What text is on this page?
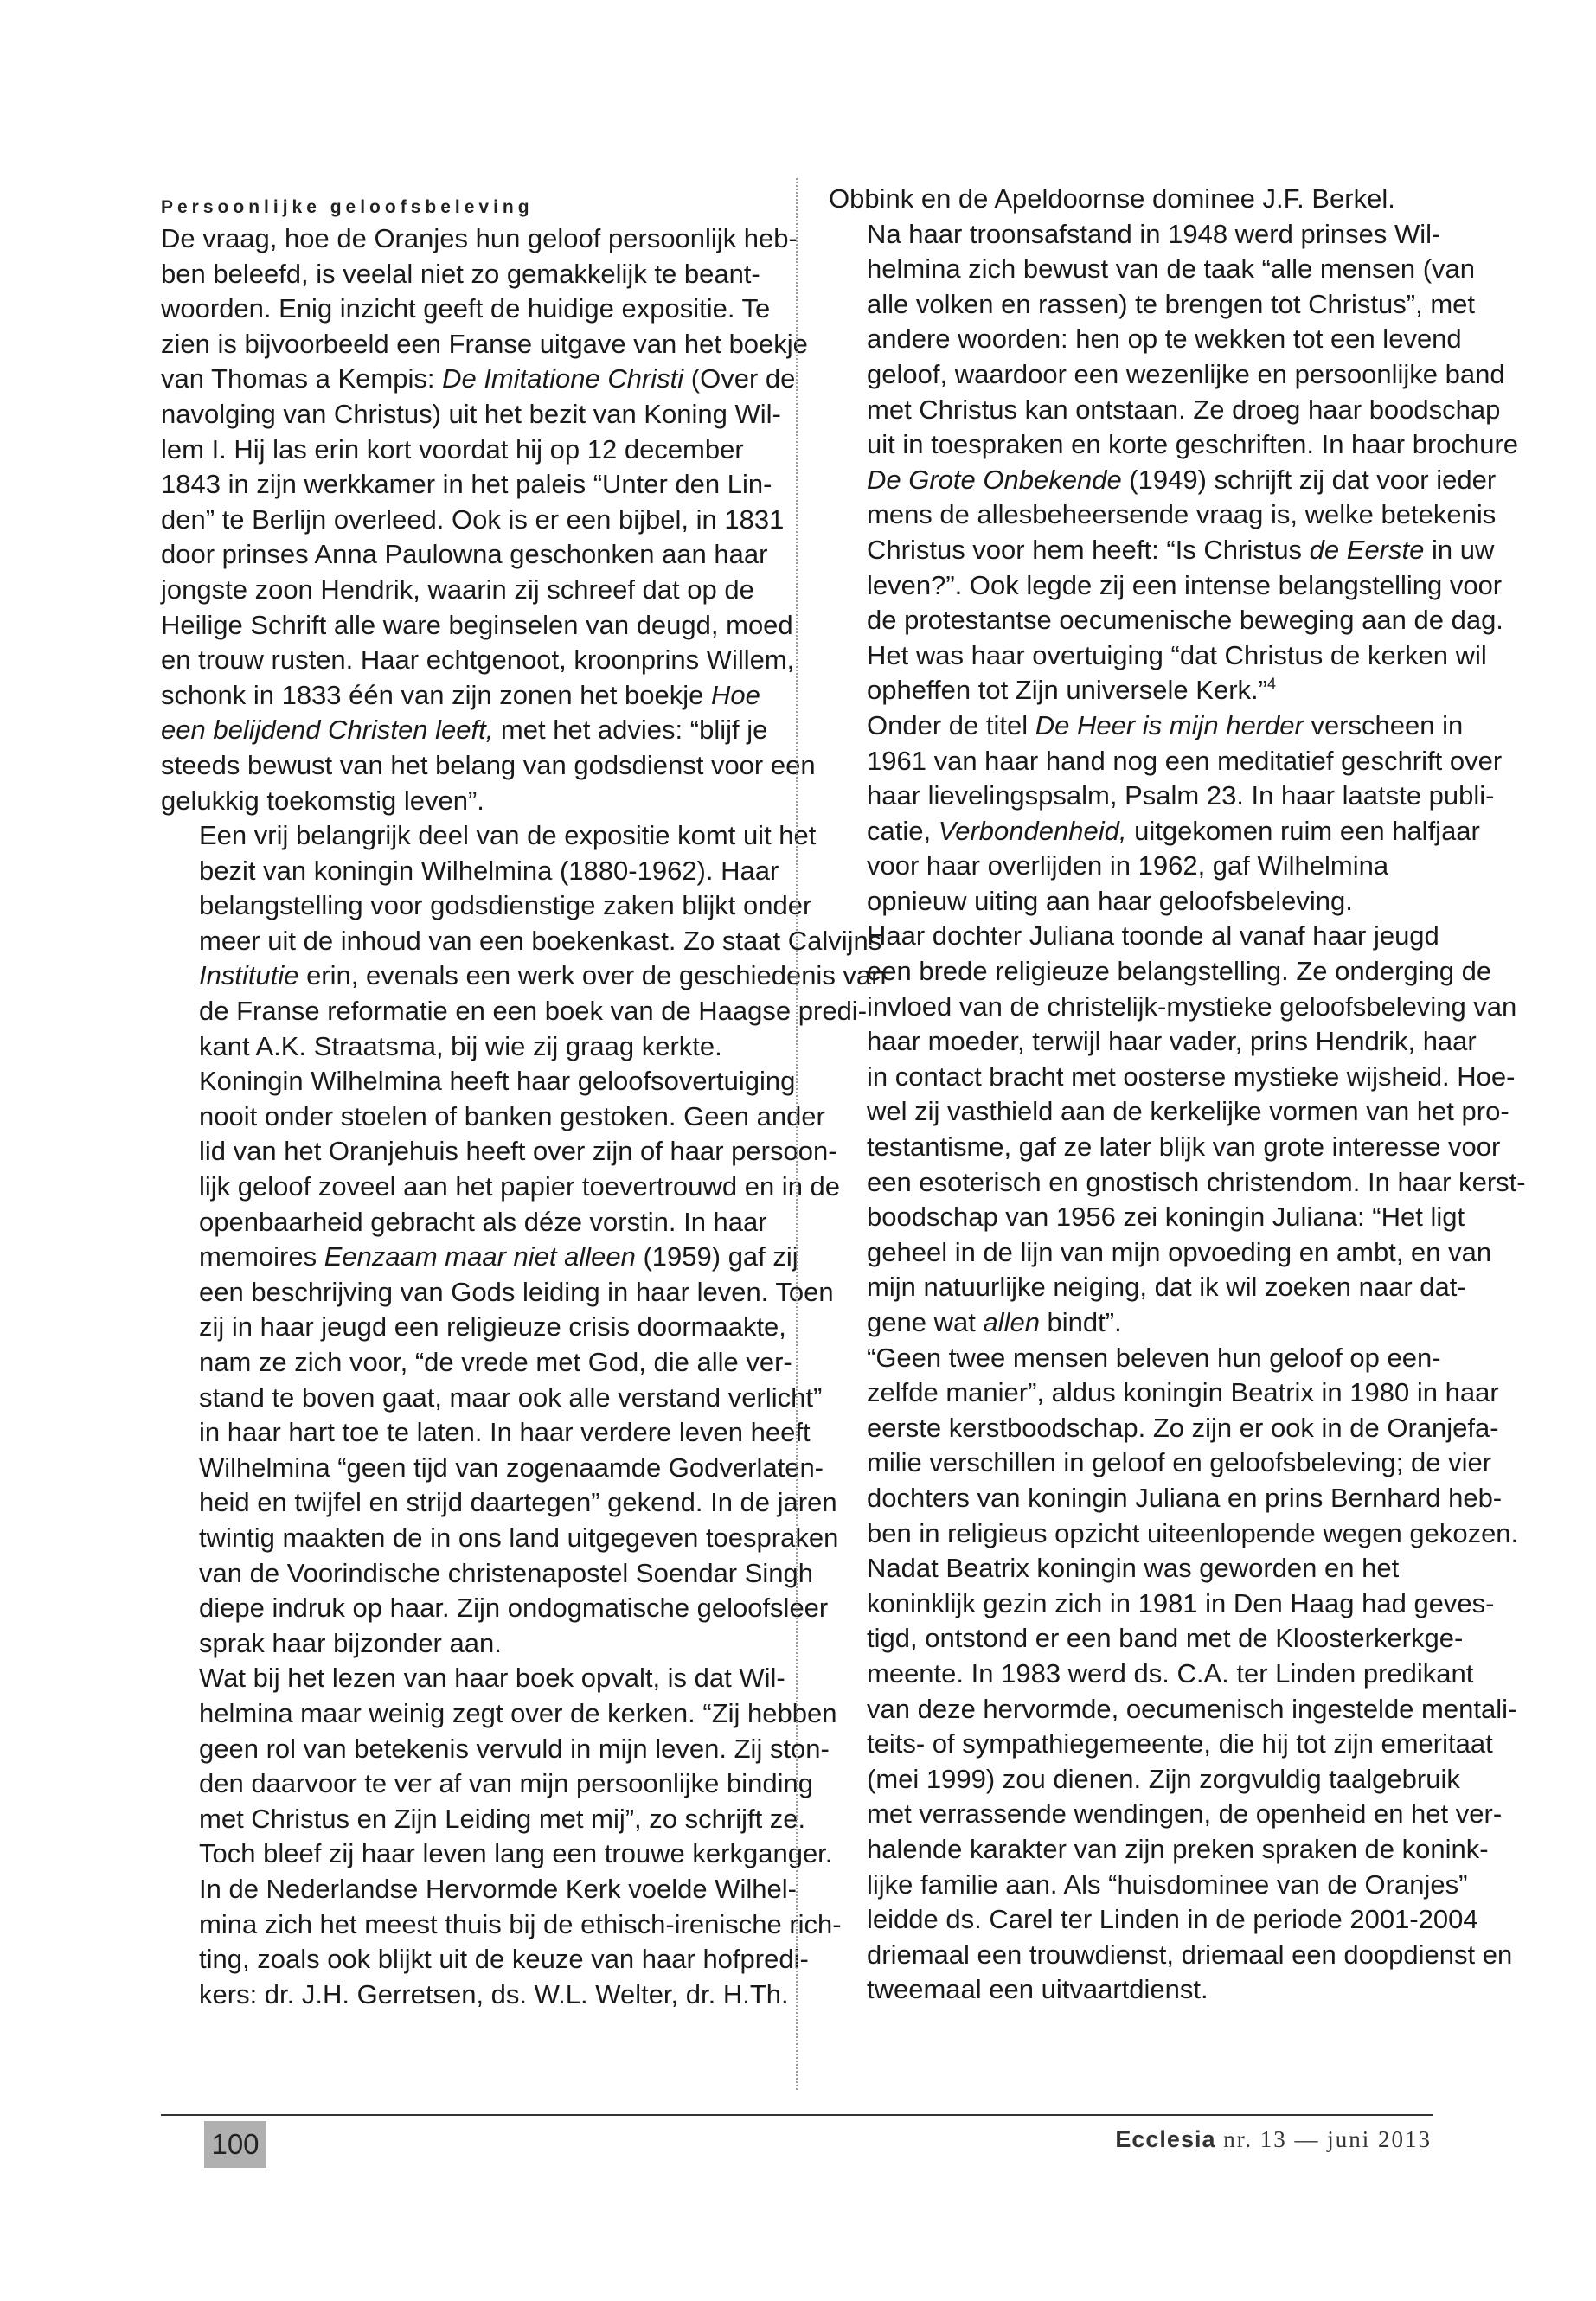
Persoonlijke geloofsbeleving

De vraag, hoe de Oranjes hun geloof persoonlijk heb-
ben beleefd, is veelal niet zo gemakkelijk te beant-
woorden. Enig inzicht geeft de huidige expositie. Te
zien is bijvoorbeeld een Franse uitgave van het boekje
van Thomas a Kempis: De Imitatione Christi (Over de
navolging van Christus) uit het bezit van Koning Wil-
lem I. Hij las erin kort voordat hij op 12 december
1843 in zijn werkkamer in het paleis “Unter den Lin-
den” te Berlijn overleed. Ook is er een bijbel, in 1831
door prinses Anna Paulowna geschonken aan haar
jongste zoon Hendrik, waarin zij schreef dat op de
Heilige Schrift alle ware beginselen van deugd, moed
en trouw rusten. Haar echtgenoot, kroonprins Willem,
schonk in 1833 één van zijn zonen het boekje Hoe
een belijdend Christen leeft, met het advies: “blijf je
steeds bewust van het belang van godsdienst voor een
gelukkig toekomstig leven”.

Een vrij belangrijk deel van de expositie komt uit het
bezit van koningin Wilhelmina (1880-1962). Haar
belangstelling voor godsdienstige zaken blijkt onder
meer uit de inhoud van een boekenkast. Zo staat Calvijns
Institutie erin, evenals een werk over de geschiedenis van
de Franse reformatie en een boek van de Haagse predi-
kant A.K. Straatsma, bij wie zij graag kerkte.

Koningin Wilhelmina heeft haar geloofsovertuiging
nooit onder stoelen of banken gestoken. Geen ander
lid van het Oranjehuis heeft over zijn of haar persoon-
lijk geloof zoveel aan het papier toevertrouwd en in de
openbaarheid gebracht als déze vorstin. In haar
memoires Eenzaam maar niet alleen (1959) gaf zij
een beschrijving van Gods leiding in haar leven. Toen
zij in haar jeugd een religieuze crisis doormaakte,
nam ze zich voor, “de vrede met God, die alle ver-
stand te boven gaat, maar ook alle verstand verlicht”
in haar hart toe te laten. In haar verdere leven heeft
Wilhelmina “geen tijd van zogenaamde Godverlaten-
heid en twijfel en strijd daartegen” gekend. In de jaren
twintig maakten de in ons land uitgegeven toespraken
van de Voorindische christenapostel Soendar Singh
diepe indruk op haar. Zijn ondogmatische geloofsleer
sprak haar bijzonder aan.

Wat bij het lezen van haar boek opvalt, is dat Wil-
helmina maar weinig zegt over de kerken. “Zij hebben
geen rol van betekenis vervuld in mijn leven. Zij ston-
den daarvoor te ver af van mijn persoonlijke binding
met Christus en Zijn Leiding met mij”, zo schrijft ze.
Toch bleef zij haar leven lang een trouwe kerkganger.
In de Nederlandse Hervormde Kerk voelde Wilhel-
mina zich het meest thuis bij de ethisch-irenische rich-
ting, zoals ook blijkt uit de keuze van haar hofpredi-
kers: dr. J.H. Gerretsen, ds. W.L. Welter, dr. H.Th.

Obbink en de Apeldoornse dominee J.F. Berkel.

Na haar troonsafstand in 1948 werd prinses Wil-
helmina zich bewust van de taak “alle mensen (van
alle volken en rassen) te brengen tot Christus”, met
andere woorden: hen op te wekken tot een levend
geloof, waardoor een wezenlijke en persoonlijke band
met Christus kan ontstaan. Ze droeg haar boodschap
uit in toespraken en korte geschriften. In haar brochure
De Grote Onbekende (1949) schrijft zij dat voor ieder
mens de allesbeheersende vraag is, welke betekenis
Christus voor hem heeft: “Is Christus de Eerste in uw
leven?”. Ook legde zij een intense belangstelling voor
de protestantse oecumenische beweging aan de dag.
Het was haar overtuiging “dat Christus de kerken wil
opheffen tot Zijn universele Kerk.”$^4$

Onder de titel De Heer is mijn herder verscheen in
1961 van haar hand nog een meditatief geschrift over
haar lievelingspsalm, Psalm 23. In haar laatste publi-
catie, Verbondenheid, uitgekomen ruim een halfjaar
voor haar overlijden in 1962, gaf Wilhelmina
opnieuw uiting aan haar geloofsbeleving.

Haar dochter Juliana toonde al vanaf haar jeugd
een brede religieuze belangstelling. Ze onderging de
invloed van de christelijk-mystieke geloofsbeleving van
haar moeder, terwijl haar vader, prins Hendrik, haar
in contact bracht met oosterse mystieke wijsheid. Hoe-
wel zij vasthield aan de kerkelijke vormen van het pro-
testantisme, gaf ze later blijk van grote interesse voor
een esoterisch en gnostisch christendom. In haar kerst-
boodschap van 1956 zei koningin Juliana: “Het ligt
geheel in de lijn van mijn opvoeding en ambt, en van
mijn natuurlijke neiging, dat ik wil zoeken naar dat-
gene wat allen bindt”.

“Geen twee mensen beleven hun geloof op een-
zelfde manier”, aldus koningin Beatrix in 1980 in haar
eerste kerstboodschap. Zo zijn er ook in de Oranjefa-
milie verschillen in geloof en geloofsbeleving; de vier
dochters van koningin Juliana en prins Bernhard heb-
ben in religieus opzicht uiteenlopende wegen gekozen.

Nadat Beatrix koningin was geworden en het
koninklijk gezin zich in 1981 in Den Haag had geves-
tigd, ontstond er een band met de Kloosterkerkge-
meente. In 1983 werd ds. C.A. ter Linden predikant
van deze hervormde, oecumenisch ingestelde mentali-
teits- of sympathiegemeente, die hij tot zijn emeritaat
(mei 1999) zou dienen. Zijn zorgvuldig taalgebruik
met verrassende wendingen, de openheid en het ver-
halende karakter van zijn preken spraken de konink-
lijke familie aan. Als “huisdominee van de Oranjes”
leidde ds. Carel ter Linden in de periode 2001-2004
driemaal een trouwdienst, driemaal een doopdienst en
tweemaal een uitvaartdienst.

100	Ecclesia nr. 13 — juni 2013
